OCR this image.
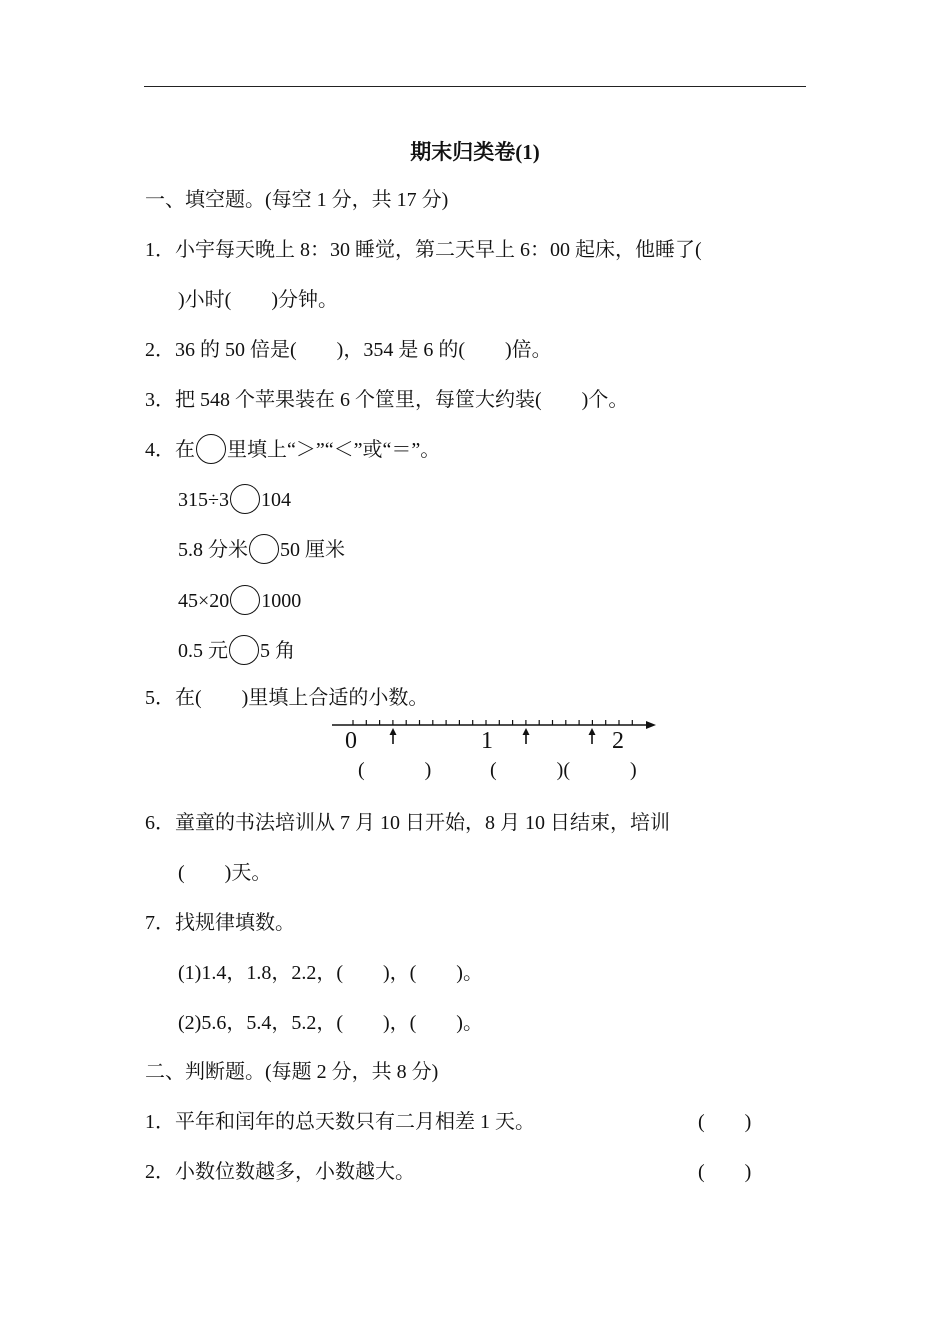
期末归类卷(1)
一、填空题。(每空 1 分，共 17 分)
1．小宇每天晚上 8：30 睡觉，第二天早上 6：00 起床，他睡了(
)小时(　　)分钟。
2．36 的 50 倍是(　　)，354 是 6 的(　　)倍。
3．把 548 个苹果装在 6 个筐里，每筐大约装(　　)个。
4．在 里填上“＞”“＜”或“＝”。
315÷3 104
5.8 分米 50 厘米
45×20 1000
0.5 元 5 角
5．在(　　)里填上合适的小数。
0	1	2
(　　　)	(　　　)(　　　)
6．童童的书法培训从 7 月 10 日开始，8 月 10 日结束，培训
(　　)天。
7．找规律填数。
(1)1.4，1.8，2.2，(　　)，(　　)。
(2)5.6，5.4，5.2，(　　)，(　　)。
二、判断题。(每题 2 分，共 8 分)
1．平年和闰年的总天数只有二月相差 1 天。	(　　)
2．小数位数越多，小数越大。	(　　)
